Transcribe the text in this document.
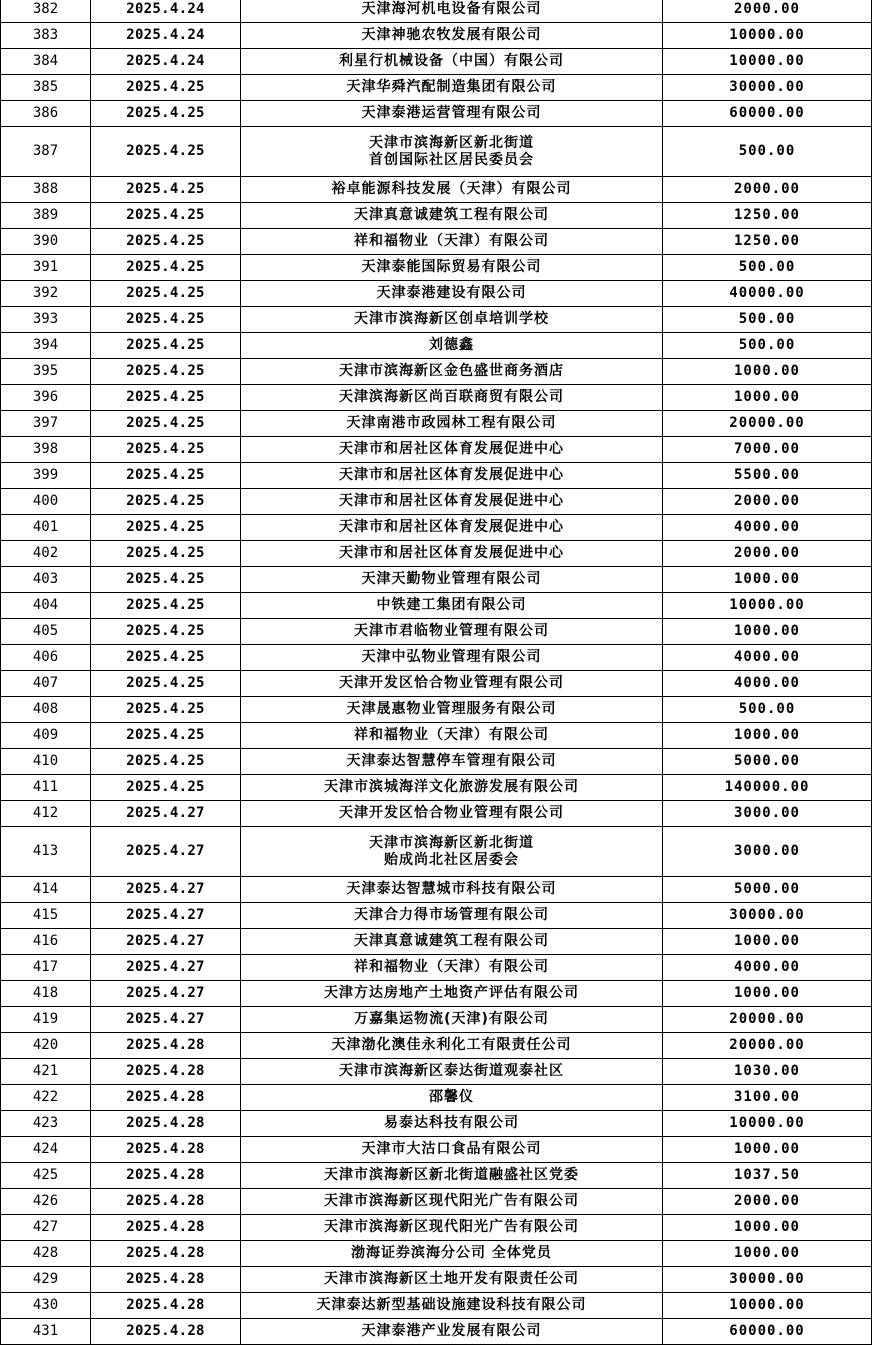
382	2025.4.24	天津海河机电设备有限公司	2000.00
383	2025.4.24	天津神驰农牧发展有限公司	10000.00
384	2025.4.24	利星行机械设备（中国）有限公司	10000.00
385	2025.4.25	天津华舜汽配制造集团有限公司	30000.00
386	2025.4.25	天津泰港运营管理有限公司	60000.00
387	2025.4.25	天津市滨海新区新北街道
首创国际社区居民委员会	500.00
388	2025.4.25	裕卓能源科技发展（天津）有限公司	2000.00
389	2025.4.25	天津真意诚建筑工程有限公司	1250.00
390	2025.4.25	祥和福物业（天津）有限公司	1250.00
391	2025.4.25	天津泰能国际贸易有限公司	500.00
392	2025.4.25	天津泰港建设有限公司	40000.00
393	2025.4.25	天津市滨海新区创卓培训学校	500.00
394	2025.4.25	刘德鑫	500.00
395	2025.4.25	天津市滨海新区金色盛世商务酒店	1000.00
396	2025.4.25	天津滨海新区尚百联商贸有限公司	1000.00
397	2025.4.25	天津南港市政园林工程有限公司	20000.00
398	2025.4.25	天津市和居社区体育发展促进中心	7000.00
399	2025.4.25	天津市和居社区体育发展促进中心	5500.00
400	2025.4.25	天津市和居社区体育发展促进中心	2000.00
401	2025.4.25	天津市和居社区体育发展促进中心	4000.00
402	2025.4.25	天津市和居社区体育发展促进中心	2000.00
403	2025.4.25	天津天勤物业管理有限公司	1000.00
404	2025.4.25	中铁建工集团有限公司	10000.00
405	2025.4.25	天津市君临物业管理有限公司	1000.00
406	2025.4.25	天津中弘物业管理有限公司	4000.00
407	2025.4.25	天津开发区恰合物业管理有限公司	4000.00
408	2025.4.25	天津晟惠物业管理服务有限公司	500.00
409	2025.4.25	祥和福物业（天津）有限公司	1000.00
410	2025.4.25	天津泰达智慧停车管理有限公司	5000.00
411	2025.4.25	天津市滨城海洋文化旅游发展有限公司	140000.00
412	2025.4.27	天津开发区恰合物业管理有限公司	3000.00
413	2025.4.27	天津市滨海新区新北街道
贻成尚北社区居委会	3000.00
414	2025.4.27	天津泰达智慧城市科技有限公司	5000.00
415	2025.4.27	天津合力得市场管理有限公司	30000.00
416	2025.4.27	天津真意诚建筑工程有限公司	1000.00
417	2025.4.27	祥和福物业（天津）有限公司	4000.00
418	2025.4.27	天津方达房地产土地资产评估有限公司	1000.00
419	2025.4.27	万嘉集运物流(天津)有限公司	20000.00
420	2025.4.28	天津渤化澳佳永利化工有限责任公司	20000.00
421	2025.4.28	天津市滨海新区泰达街道观泰社区	1030.00
422	2025.4.28	邵馨仪	3100.00
423	2025.4.28	易泰达科技有限公司	10000.00
424	2025.4.28	天津市大沽口食品有限公司	1000.00
425	2025.4.28	天津市滨海新区新北街道融盛社区党委	1037.50
426	2025.4.28	天津市滨海新区现代阳光广告有限公司	2000.00
427	2025.4.28	天津市滨海新区现代阳光广告有限公司	1000.00
428	2025.4.28	渤海证券滨海分公司 全体党员	1000.00
429	2025.4.28	天津市滨海新区土地开发有限责任公司	30000.00
430	2025.4.28	天津泰达新型基础设施建设科技有限公司	10000.00
431	2025.4.28	天津泰港产业发展有限公司	60000.00
